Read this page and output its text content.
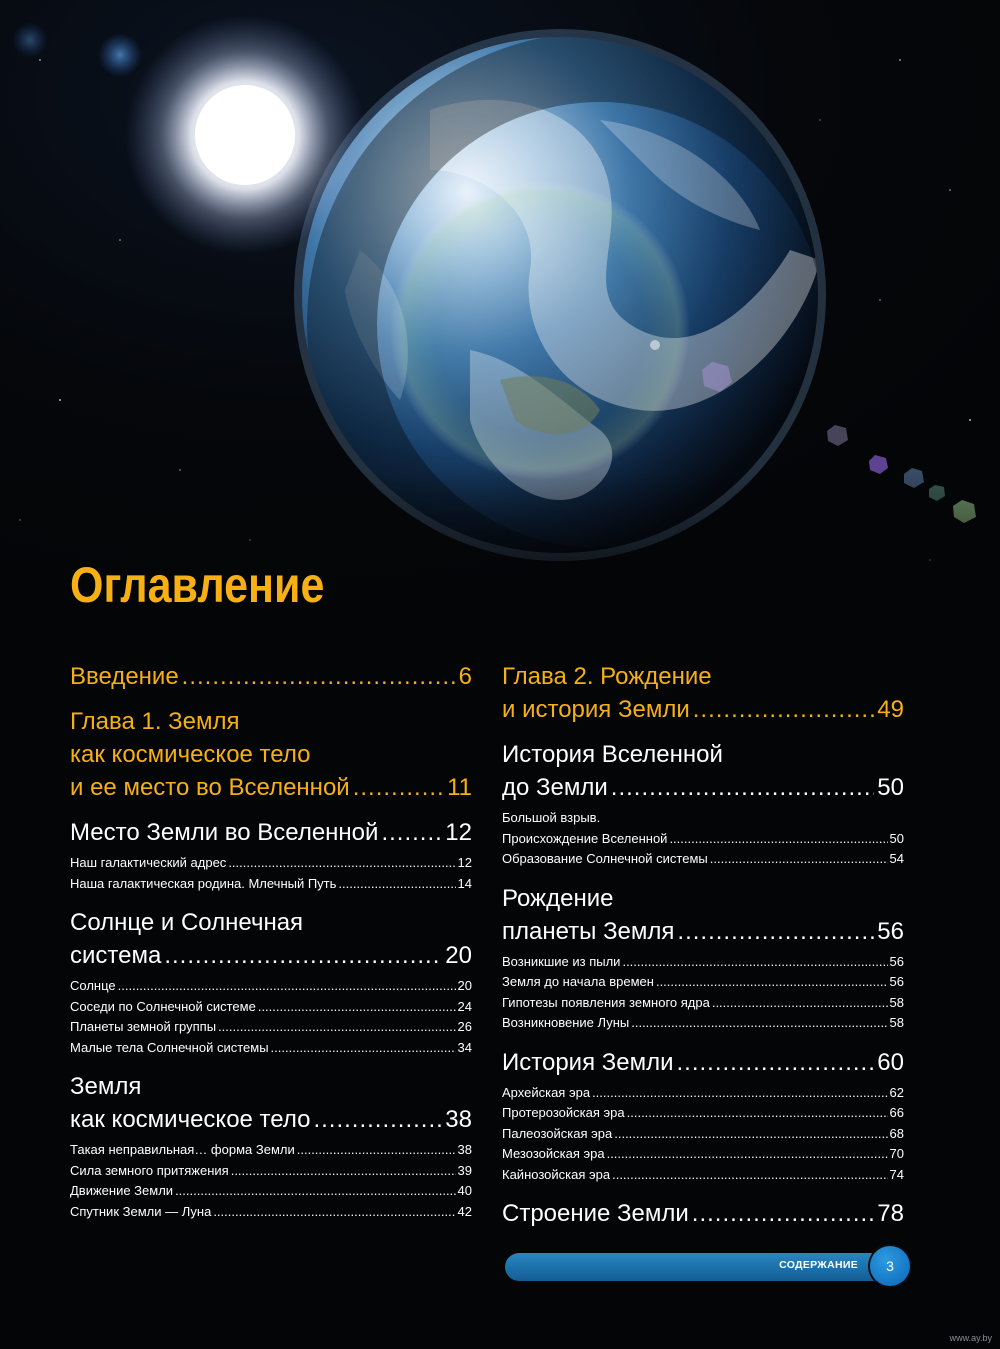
Оглавление
Введение .....	6
Глава 1. Земля
как космическое тело
и ее место во Вселенной .....	11
Место Земли во Вселенной .....	12
Наш галактический адрес .....	12
Наша галактическая родина. Млечный Путь .....	14
Солнце и Солнечная
система .....	20
Солнце .....	20
Соседи по Солнечной системе .....	24
Планеты земной группы .....	26
Малые тела Солнечной системы .....	34
Земля
как космическое тело .....	38
Такая неправильная… форма Земли .....	38
Сила земного притяжения .....	39
Движение Земли .....	40
Спутник Земли — Луна .....	42
Глава 2. Рождение
и история Земли .....	49
История Вселенной
до Земли .....	50
Большой взрыв.
Происхождение Вселенной .....	50
Образование Солнечной системы .....	54
Рождение
планеты Земля .....	56
Возникшие из пыли .....	56
Земля до начала времен .....	56
Гипотезы появления земного ядра .....	58
Возникновение Луны .....	58
История Земли .....	60
Архейская эра .....	62
Протерозойская эра .....	66
Палеозойская эра .....	68
Мезозойская эра .....	70
Кайнозойская эра .....	74
Строение Земли .....	78
СОДЕРЖАНИЕ 3
www.ay.by
